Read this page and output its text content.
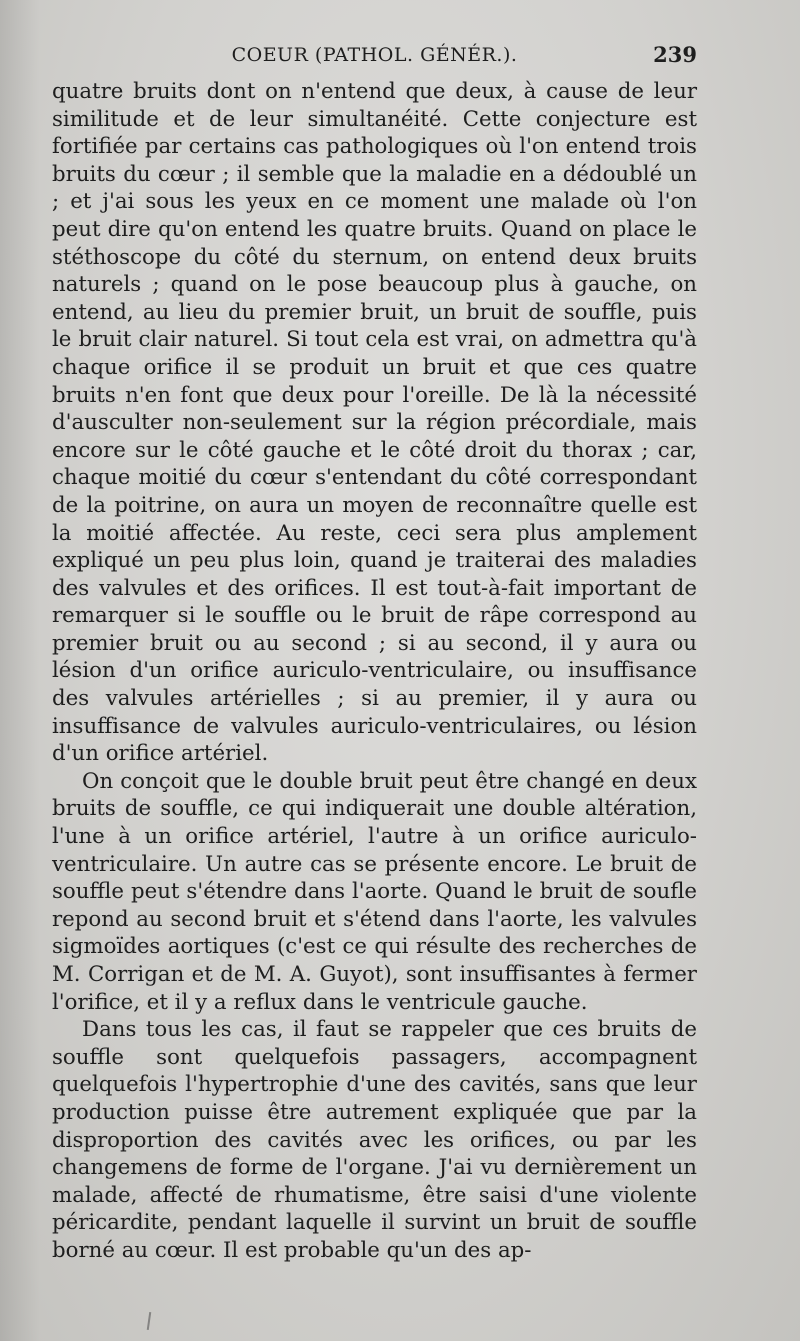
COEUR (PATHOL. GÉNÉR.).	239

quatre bruits dont on n'entend que deux, à cause de leur similitude et de leur simultanéité. Cette conjecture est fortifiée par certains cas pathologiques où l'on entend trois bruits du cœur ; il semble que la maladie en a dédoublé un ; et j'ai sous les yeux en ce moment une malade où l'on peut dire qu'on entend les quatre bruits. Quand on place le stéthoscope du côté du sternum, on entend deux bruits naturels ; quand on le pose beaucoup plus à gauche, on entend, au lieu du premier bruit, un bruit de souffle, puis le bruit clair naturel. Si tout cela est vrai, on admettra qu'à chaque orifice il se produit un bruit et que ces quatre bruits n'en font que deux pour l'oreille. De là la nécessité d'ausculter non-seulement sur la région précordiale, mais encore sur le côté gauche et le côté droit du thorax ; car, chaque moitié du cœur s'entendant du côté correspondant de la poitrine, on aura un moyen de reconnaître quelle est la moitié affectée. Au reste, ceci sera plus amplement expliqué un peu plus loin, quand je traiterai des maladies des valvules et des orifices. Il est tout-à-fait important de remarquer si le souffle ou le bruit de râpe correspond au premier bruit ou au second ; si au second, il y aura ou lésion d'un orifice auriculo-ventriculaire, ou insuffisance des valvules artérielles ; si au premier, il y aura ou insuffisance de valvules auriculo-ventriculaires, ou lésion d'un orifice artériel.

On conçoit que le double bruit peut être changé en deux bruits de souffle, ce qui indiquerait une double altération, l'une à un orifice artériel, l'autre à un orifice auriculo-ventriculaire. Un autre cas se présente encore. Le bruit de souffle peut s'étendre dans l'aorte. Quand le bruit de soufle repond au second bruit et s'étend dans l'aorte, les valvules sigmoïdes aortiques (c'est ce qui résulte des recherches de M. Corrigan et de M. A. Guyot), sont insuffisantes à fermer l'orifice, et il y a reflux dans le ventricule gauche.

Dans tous les cas, il faut se rappeler que ces bruits de souffle sont quelquefois passagers, accompagnent quelquefois l'hypertrophie d'une des cavités, sans que leur production puisse être autrement expliquée que par la disproportion des cavités avec les orifices, ou par les changemens de forme de l'organe. J'ai vu dernièrement un malade, affecté de rhumatisme, être saisi d'une violente péricardite, pendant laquelle il survint un bruit de souffle borné au cœur. Il est probable qu'un des ap-
